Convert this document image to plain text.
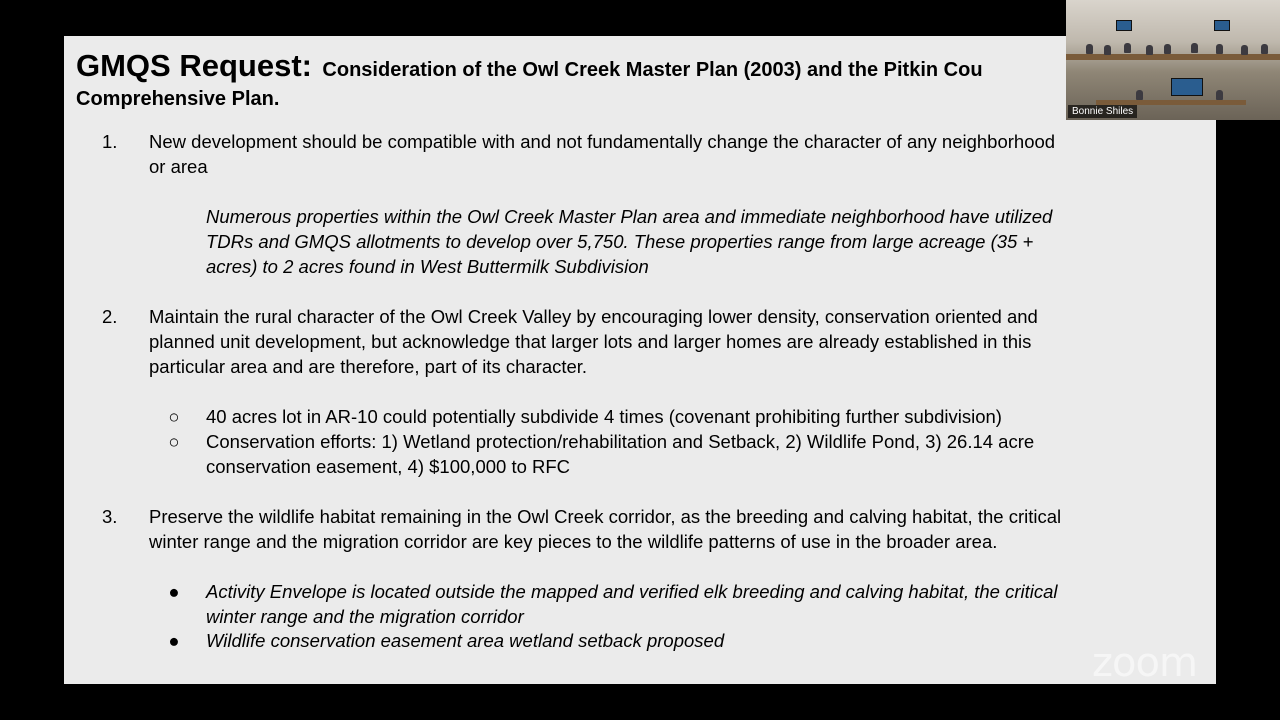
GMQS Request: Consideration of the Owl Creek Master Plan (2003) and the Pitkin Cou
Comprehensive Plan.
1.	New development should be compatible with and not fundamentally change the character of any neighborhood
or area
Numerous properties within the Owl Creek Master Plan area and immediate neighborhood have utilized
TDRs and GMQS allotments to develop over 5,750. These properties range from large acreage (35 +
acres) to 2 acres found in West Buttermilk Subdivision
2.	Maintain the rural character of the Owl Creek Valley by encouraging lower density, conservation oriented and
planned unit development, but acknowledge that larger lots and larger homes are already established in this
particular area and are therefore, part of its character.
○ 40 acres lot in AR-10 could potentially subdivide 4 times (covenant prohibiting further subdivision)
○ Conservation efforts: 1) Wetland protection/rehabilitation and Setback, 2) Wildlife Pond, 3) 26.14 acre
conservation easement, 4) $100,000 to RFC
3.	Preserve the wildlife habitat remaining in the Owl Creek corridor, as the breeding and calving habitat, the critical
winter range and the migration corridor are key pieces to the wildlife patterns of use in the broader area.
● Activity Envelope is located outside the mapped and verified elk breeding and calving habitat, the critical
winter range and the migration corridor
● Wildlife conservation easement area wetland setback proposed
Bonnie Shiles
zoom
